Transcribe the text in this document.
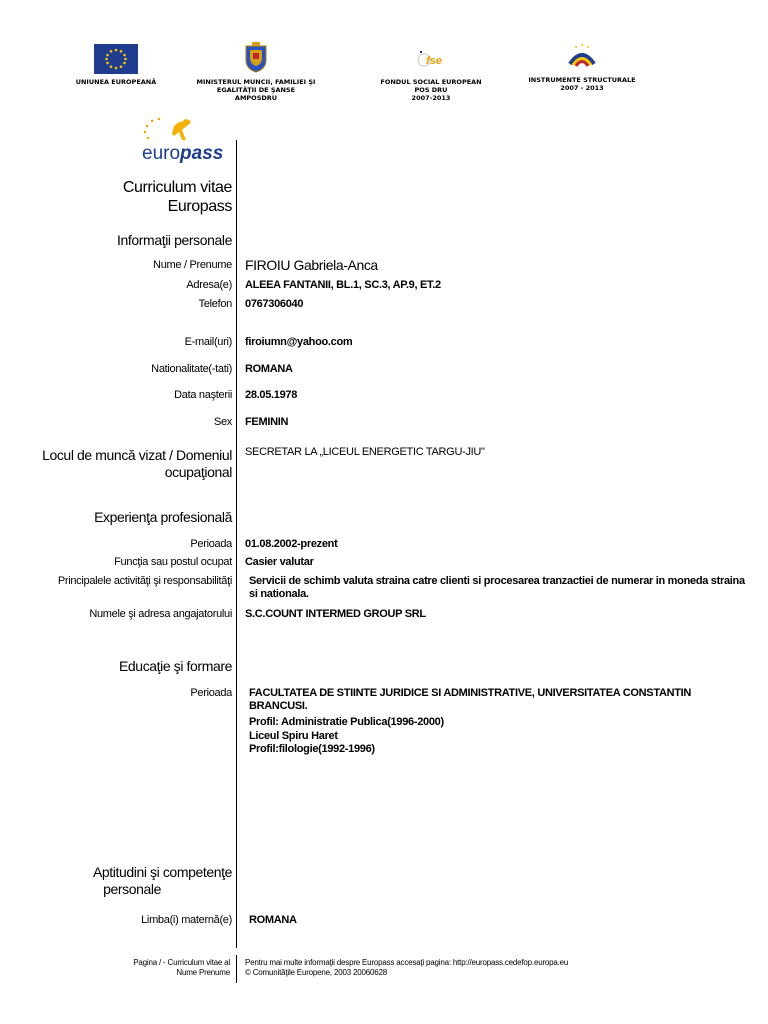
UNIUNEA EUROPEANĂ	MINISTERUL MUNCII, FAMILIEI ŞI
EGALITĂŢII DE ŞANSE
AMPOSDRU
fse
FONDUL SOCIAL EUROPEAN
POS DRU
2007-2013
INSTRUMENTE STRUCTURALE
2007 - 2013
europass
Curriculum vitae
Europass
Informaţii personale
Nume / Prenume FIROIU Gabriela-Anca
Adresa(e) ALEEA FANTANII, BL.1, SC.3, AP.9, ET.2
Telefon 0767306040
E-mail(uri) firoiumn@yahoo.com
Nationalitate(-tati) ROMANA
Data naşterii 28.05.1978
Sex FEMININ
Locul de muncă vizat / Domeniul
ocupaţional
SECRETAR LA „LICEUL ENERGETIC TARGU-JIU"
Experienţa profesională
Perioada 01.08.2002-prezent
Funcţia sau postul ocupat Casier valutar
Principalele activităţi şi responsabilităţi Servicii de schimb valuta straina catre clienti si procesarea tranzactiei de numerar in moneda straina si nationala.
Numele şi adresa angajatorului S.C.COUNT INTERMED GROUP SRL
Educaţie şi formare
Perioada FACULTATEA DE STIINTE JURIDICE SI ADMINISTRATIVE, UNIVERSITATEA CONSTANTIN BRANCUSI.
Profil: Administratie Publica(1996-2000)
Liceul Spiru Haret
Profil:filologie(1992-1996)
Aptitudini şi competenţe
personale
Limba(i) maternă(e) ROMANA
Pagina / - Curriculum vitae al
Nume Prenume
Pentru mai multe informaţii despre Europass accesaţi pagina: http://europass.cedefop.europa.eu
© Comunităţile Europene, 2003 20060628
